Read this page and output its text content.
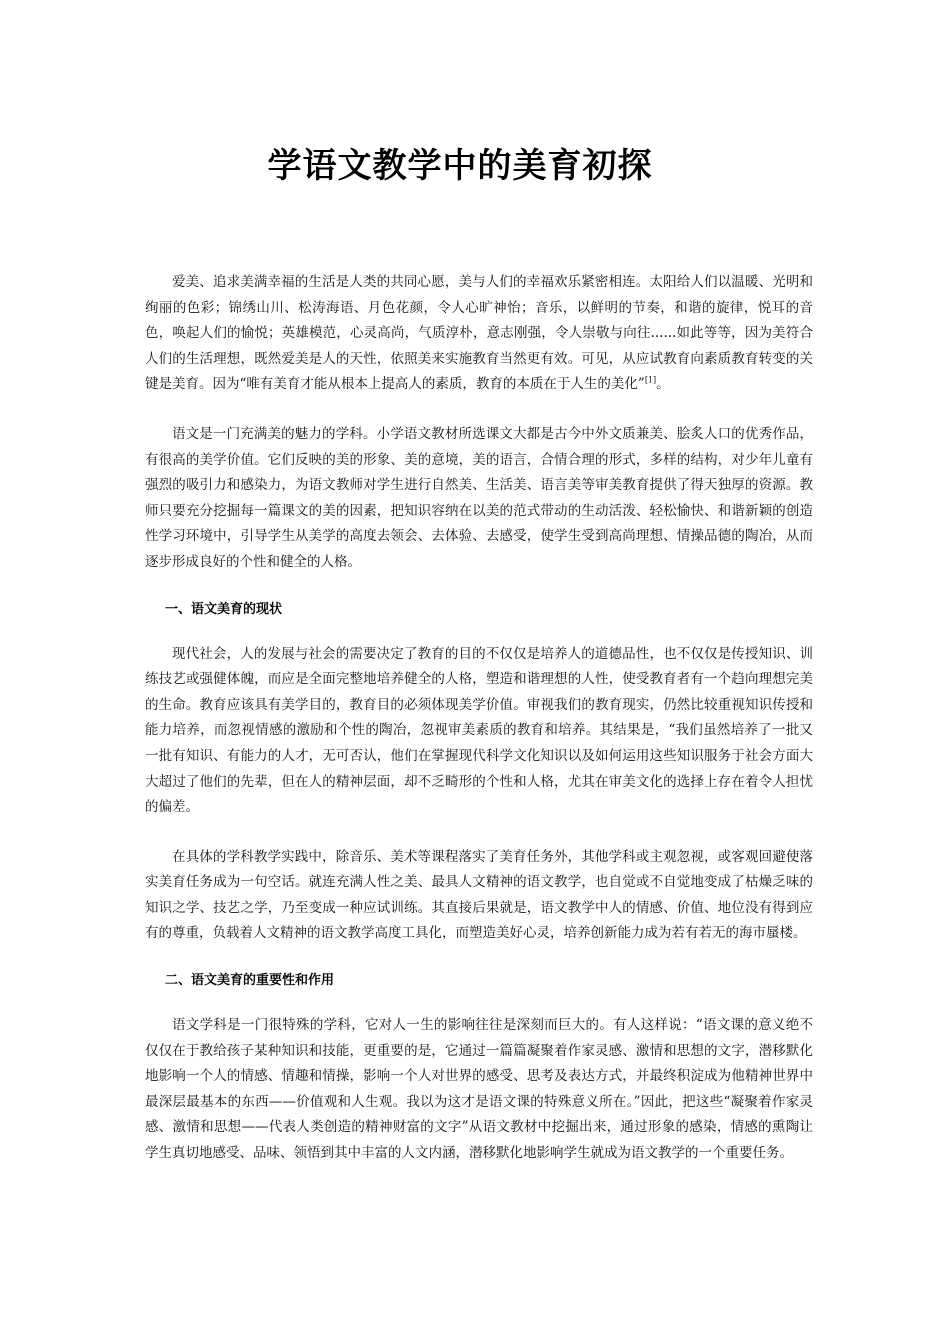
学语文教学中的美育初探

爱美、追求美满幸福的生活是人类的共同心愿，美与人们的幸福欢乐紧密相连。太阳给人们以温暖、光明和绚丽的色彩；锦绣山川、松涛海语、月色花颜，令人心旷神怡；音乐，以鲜明的节奏，和谐的旋律，悦耳的音色，唤起人们的愉悦；英雄模范，心灵高尚，气质淳朴，意志刚强，令人崇敬与向往......如此等等，因为美符合人们的生活理想，既然爱美是人的天性，依照美来实施教育当然更有效。可见，从应试教育向素质教育转变的关键是美育。因为“唯有美育才能从根本上提高人的素质，教育的本质在于人生的美化”[1]。

语文是一门充满美的魅力的学科。小学语文教材所选课文大都是古今中外文质兼美、脍炙人口的优秀作品，有很高的美学价值。它们反映的美的形象、美的意境，美的语言，合情合理的形式，多样的结构，对少年儿童有强烈的吸引力和感染力，为语文教师对学生进行自然美、生活美、语言美等审美教育提供了得天独厚的资源。教师只要充分挖掘每一篇课文的美的因素，把知识容纳在以美的范式带动的生动活泼、轻松愉快、和谐新颖的创造性学习环境中，引导学生从美学的高度去领会、去体验、去感受，使学生受到高尚理想、情操品德的陶冶，从而逐步形成良好的个性和健全的人格。

一、语文美育的现状

现代社会，人的发展与社会的需要决定了教育的目的不仅仅是培养人的道德品性，也不仅仅是传授知识、训练技艺或强健体魄，而应是全面完整地培养健全的人格，塑造和谐理想的人性，使受教育者有一个趋向理想完美的生命。教育应该具有美学目的，教育目的必须体现美学价值。审视我们的教育现实，仍然比较重视知识传授和能力培养，而忽视情感的激励和个性的陶冶，忽视审美素质的教育和培养。其结果是，“我们虽然培养了一批又一批有知识、有能力的人才，无可否认，他们在掌握现代科学文化知识以及如何运用这些知识服务于社会方面大大超过了他们的先辈，但在人的精神层面，却不乏畸形的个性和人格，尤其在审美文化的选择上存在着令人担忧的偏差。

在具体的学科教学实践中，除音乐、美术等课程落实了美育任务外，其他学科或主观忽视，或客观回避使落实美育任务成为一句空话。就连充满人性之美、最具人文精神的语文教学，也自觉或不自觉地变成了枯燥乏味的知识之学、技艺之学，乃至变成一种应试训练。其直接后果就是，语文教学中人的情感、价值、地位没有得到应有的尊重，负载着人文精神的语文教学高度工具化，而塑造美好心灵，培养创新能力成为若有若无的海市蜃楼。

二、语文美育的重要性和作用

语文学科是一门很特殊的学科，它对人一生的影响往往是深刻而巨大的。有人这样说：“语文课的意义绝不仅仅在于教给孩子某种知识和技能，更重要的是，它通过一篇篇凝聚着作家灵感、激情和思想的文字，潜移默化地影响一个人的情感、情趣和情操，影响一个人对世界的感受、思考及表达方式，并最终积淀成为他精神世界中最深层最基本的东西——价值观和人生观。我以为这才是语文课的特殊意义所在。”因此，把这些“凝聚着作家灵感、激情和思想——代表人类创造的精神财富的文字”从语文教材中挖掘出来，通过形象的感染，情感的熏陶让学生真切地感受、品味、领悟到其中丰富的人文内涵，潜移默化地影响学生就成为语文教学的一个重要任务。
